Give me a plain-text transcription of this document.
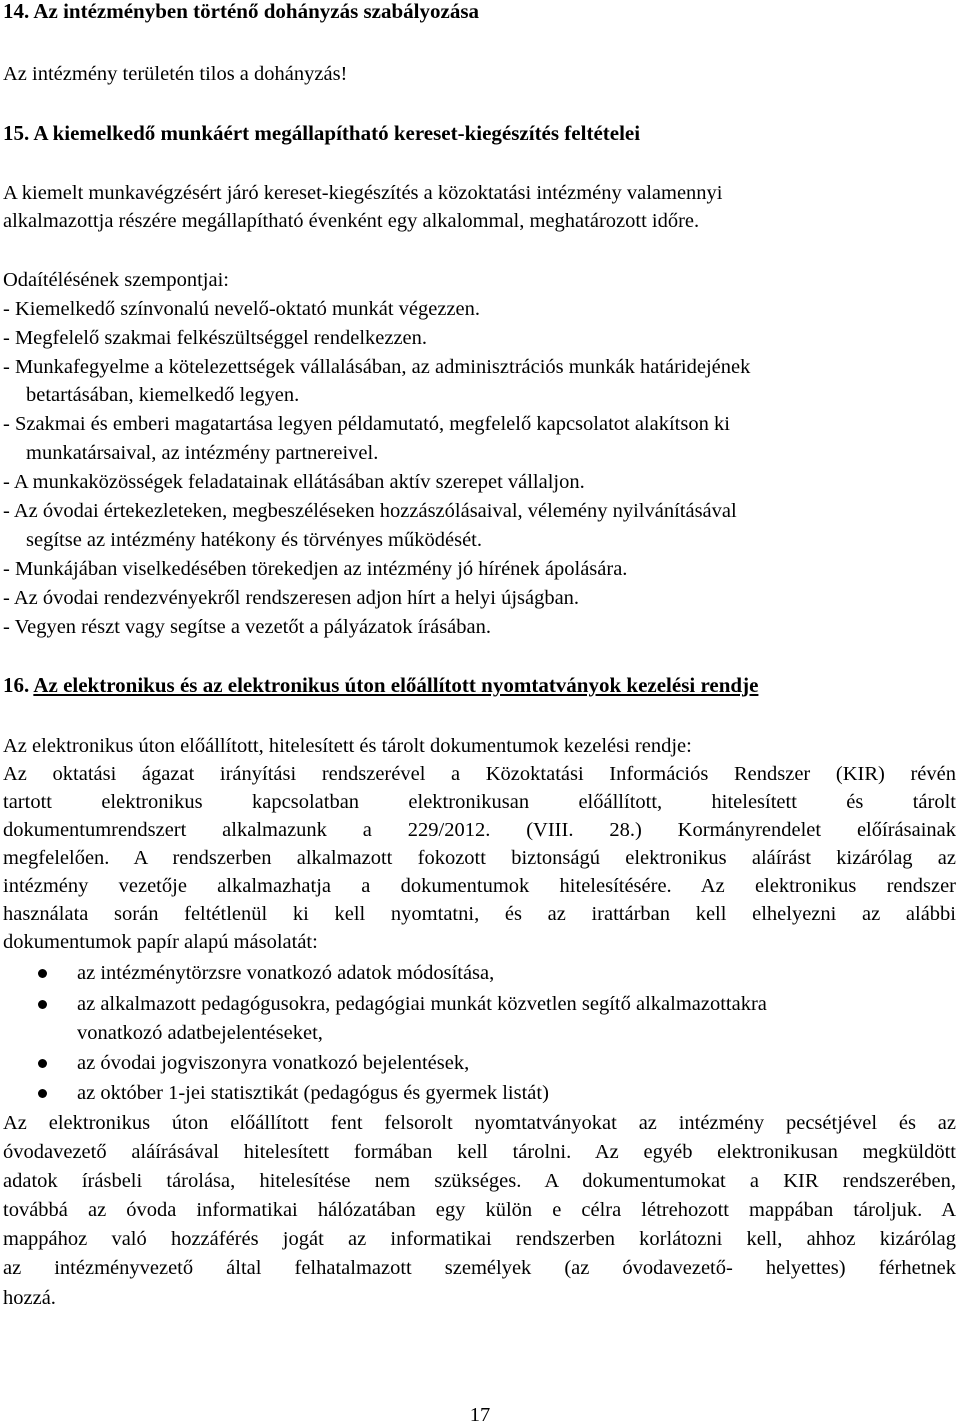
14. Az intézményben történő dohányzás szabályozása
Az intézmény területén tilos a dohányzás!
15. A kiemelkedő munkáért megállapítható kereset-kiegészítés feltételei
A kiemelt munkavégzésért járó kereset-kiegészítés a közoktatási intézmény valamennyi
alkalmazottja részére megállapítható évenként egy alkalommal, meghatározott időre.
Odaítélésének szempontjai:
- Kiemelkedő színvonalú nevelő-oktató munkát végezzen.
- Megfelelő szakmai felkészültséggel rendelkezzen.
- Munkafegyelme a kötelezettségek vállalásában, az adminisztrációs munkák határidejének
betartásában, kiemelkedő legyen.
- Szakmai és emberi magatartása legyen példamutató, megfelelő kapcsolatot alakítson ki
munkatársaival, az intézmény partnereivel.
- A munkaközösségek feladatainak ellátásában aktív szerepet vállaljon.
- Az óvodai értekezleteken, megbeszéléseken hozzászólásaival, vélemény nyilvánításával
segítse az intézmény hatékony és törvényes működését.
- Munkájában viselkedésében törekedjen az intézmény jó hírének ápolására.
- Az óvodai rendezvényekről rendszeresen adjon hírt a helyi újságban.
- Vegyen részt vagy segítse a vezetőt a pályázatok írásában.
16. Az elektronikus és az elektronikus úton előállított nyomtatványok kezelési rendje
Az elektronikus úton előállított, hitelesített és tárolt dokumentumok kezelési rendje:
Az oktatási ágazat irányítási rendszerével a Közoktatási Információs Rendszer (KIR) révén
tartott elektronikus kapcsolatban elektronikusan előállított, hitelesített és tárolt
dokumentumrendszert alkalmazunk a 229/2012. (VIII. 28.) Kormányrendelet előírásainak
megfelelően. A rendszerben alkalmazott fokozott biztonságú elektronikus aláírást kizárólag az
intézmény vezetője alkalmazhatja a dokumentumok hitelesítésére. Az elektronikus rendszer
használata során feltétlenül ki kell nyomtatni, és az irattárban kell elhelyezni az alábbi
dokumentumok papír alapú másolatát:
az intézménytörzsre vonatkozó adatok módosítása,
az alkalmazott pedagógusokra, pedagógiai munkát közvetlen segítő alkalmazottakra
vonatkozó adatbejelentéseket,
az óvodai jogviszonyra vonatkozó bejelentések,
az október 1-jei statisztikát (pedagógus és gyermek listát)
Az elektronikus úton előállított fent felsorolt nyomtatványokat az intézmény pecsétjével és az
óvodavezető aláírásával hitelesített formában kell tárolni. Az egyéb elektronikusan megküldött
adatok írásbeli tárolása, hitelesítése nem szükséges. A dokumentumokat a KIR rendszerében,
továbbá az óvoda informatikai hálózatában egy külön e célra létrehozott mappában tároljuk. A
mappához való hozzáférés jogát az informatikai rendszerben korlátozni kell, ahhoz kizárólag
az intézményvezető által felhatalmazott személyek (az óvodavezető- helyettes) férhetnek
hozzá.
17
